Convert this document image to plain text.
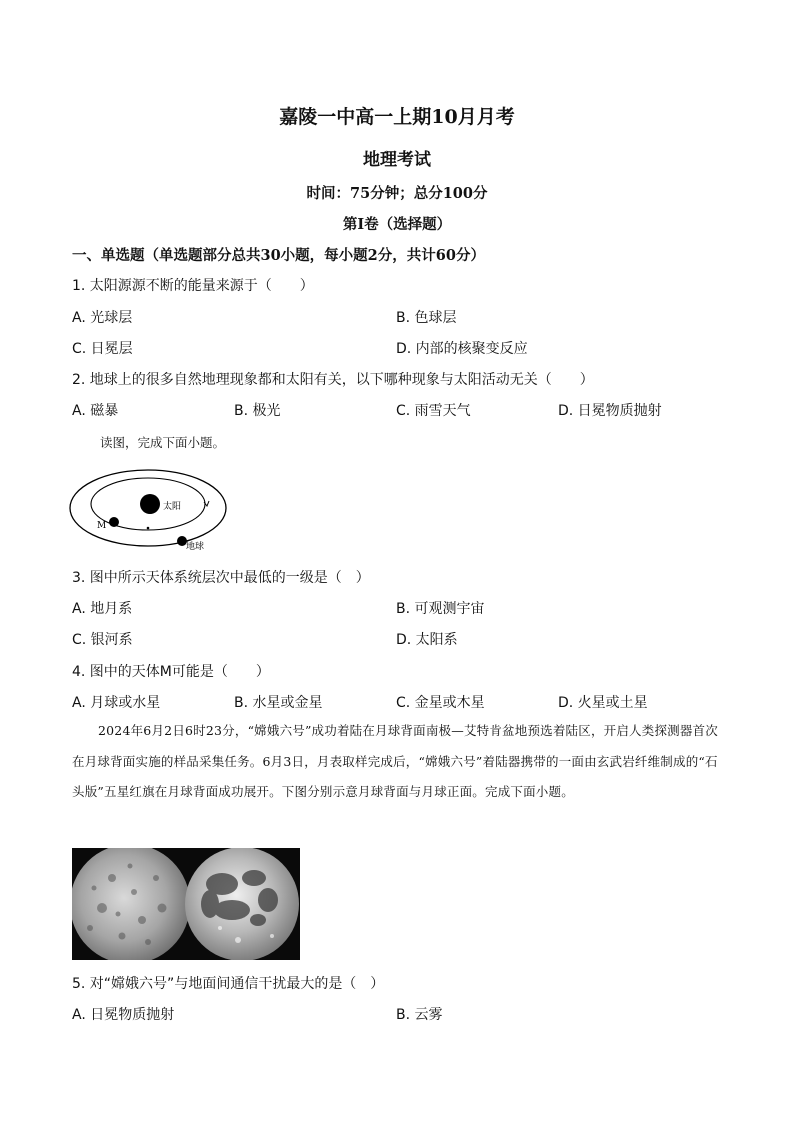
嘉陵一中高一上期10月月考
地理考试
时间：75分钟；总分100分
第I卷（选择题）
一、单选题（单选题部分总共30小题，每小题2分，共计60分）
1. 太阳源源不断的能量来源于（　　）
A. 光球层	B. 色球层
C. 日冕层	D. 内部的核聚变反应
2. 地球上的很多自然地理现象都和太阳有关，以下哪种现象与太阳活动无关（　　）
A. 磁暴	B. 极光	C. 雨雪天气	D. 日冕物质抛射
读图，完成下面小题。
太阳
M
地球
3. 图中所示天体系统层次中最低的一级是（　）
A. 地月系	B. 可观测宇宙
C. 银河系	D. 太阳系
4. 图中的天体M可能是（　　）
A. 月球或水星	B. 水星或金星	C. 金星或木星	D. 火星或土星
2024年6月2日6时23分，“嫦娥六号”成功着陆在月球背面南极—艾特肯盆地预选着陆区，开启人类探测器首次在月球背面实施的样品采集任务。6月3日，月表取样完成后，“嫦娥六号”着陆器携带的一面由玄武岩纤维制成的“石头版”五星红旗在月球背面成功展开。下图分别示意月球背面与月球正面。完成下面小题。
5. 对“嫦娥六号”与地面间通信干扰最大的是（　）
A. 日冕物质抛射	B. 云雾
